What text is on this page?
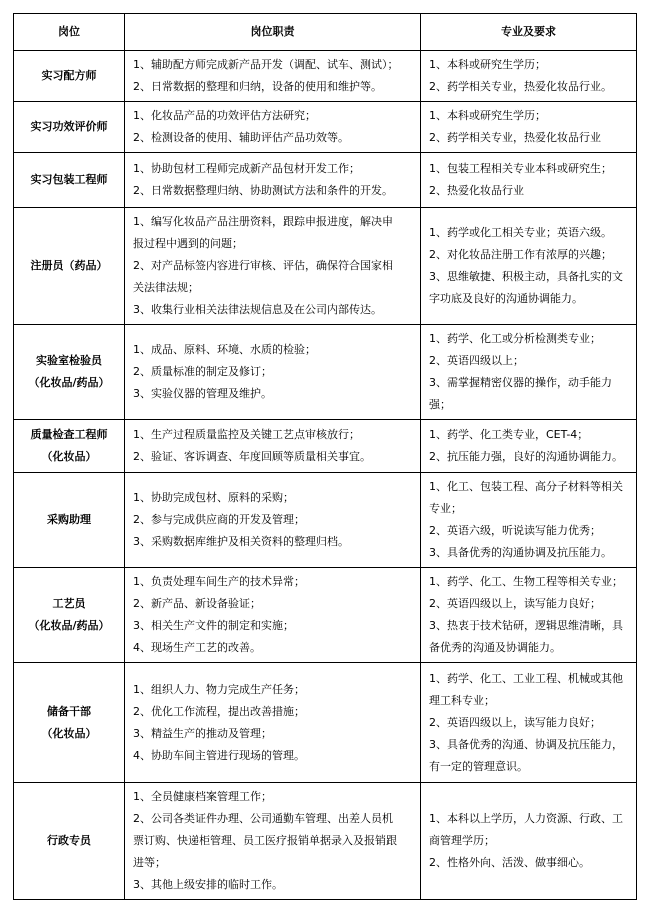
岗位	岗位职责	专业及要求

实习配方师	1、辅助配方师完成新产品开发（调配、试车、测试）；
2、日常数据的整理和归纳，设备的使用和维护等。	1、本科或研究生学历；
2、药学相关专业，热爱化妆品行业。

实习功效评价师	1、化妆品产品的功效评估方法研究；
2、检测设备的使用、辅助评估产品功效等。	1、本科或研究生学历；
2、药学相关专业，热爱化妆品行业

实习包装工程师	1、协助包材工程师完成新产品包材开发工作；
2、日常数据整理归纳、协助测试方法和条件的开发。	1、包装工程相关专业本科或研究生；
2、热爱化妆品行业

注册员（药品）	1、编写化妆品产品注册资料，跟踪申报进度，解决申
报过程中遇到的问题；
2、对产品标签内容进行审核、评估，确保符合国家相
关法律法规；
3、收集行业相关法律法规信息及在公司内部传达。	1、药学或化工相关专业；英语六级。
2、对化妆品注册工作有浓厚的兴趣；
3、思维敏捷、积极主动，具备扎实的文
字功底及良好的沟通协调能力。

实验室检验员
（化妆品/药品）	1、成品、原料、环境、水质的检验；
2、质量标准的制定及修订；
3、实验仪器的管理及维护。	1、药学、化工或分析检测类专业；
2、英语四级以上；
3、需掌握精密仪器的操作，动手能力强；

质量检查工程师
（化妆品）	1、生产过程质量监控及关键工艺点审核放行；
2、验证、客诉调查、年度回顾等质量相关事宜。	1、药学、化工类专业，CET-4；
2、抗压能力强，良好的沟通协调能力。

采购助理	1、协助完成包材、原料的采购；
2、参与完成供应商的开发及管理；
3、采购数据库维护及相关资料的整理归档。	1、化工、包装工程、高分子材料等相关
专业；
2、英语六级，听说读写能力优秀；
3、具备优秀的沟通协调及抗压能力。

工艺员
（化妆品/药品）	1、负责处理车间生产的技术异常；
2、新产品、新设备验证；
3、相关生产文件的制定和实施；
4、现场生产工艺的改善。	1、药学、化工、生物工程等相关专业；
2、英语四级以上，读写能力良好；
3、热衷于技术钻研，逻辑思维清晰，具
备优秀的沟通及协调能力。

储备干部
（化妆品）	1、组织人力、物力完成生产任务；
2、优化工作流程，提出改善措施；
3、精益生产的推动及管理；
4、协助车间主管进行现场的管理。	1、药学、化工、工业工程、机械或其他
理工科专业；
2、英语四级以上，读写能力良好；
3、具备优秀的沟通、协调及抗压能力，
有一定的管理意识。

行政专员	1、全员健康档案管理工作；
2、公司各类证件办理、公司通勤车管理、出差人员机
票订购、快递柜管理、员工医疗报销单据录入及报销跟
进等；
3、其他上级安排的临时工作。	1、本科以上学历，人力资源、行政、工
商管理学历；
2、性格外向、活泼、做事细心。
